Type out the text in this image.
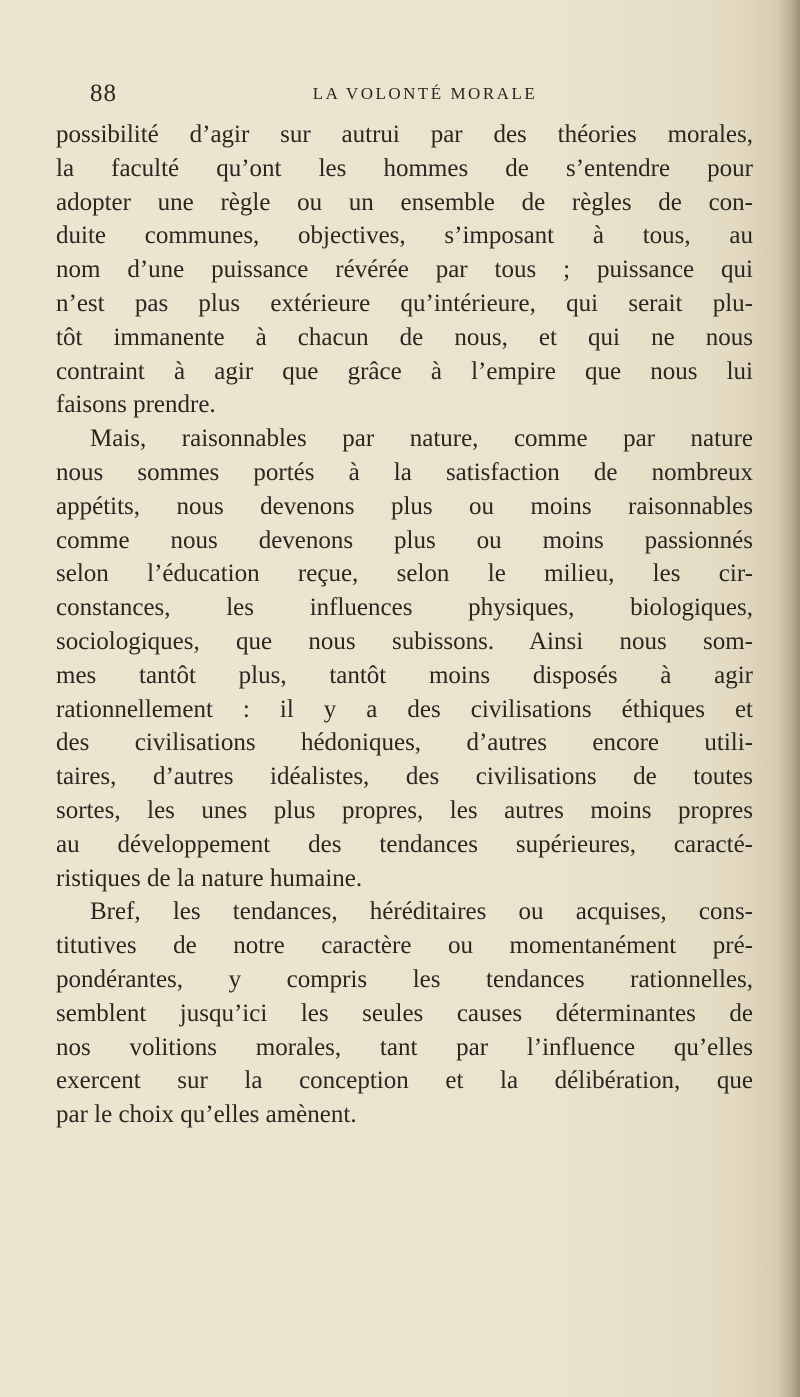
88	LA VOLONTÉ MORALE

possibilité d’agir sur autrui par des théories morales,
la faculté qu’ont les hommes de s’entendre pour
adopter une règle ou un ensemble de règles de con-
duite communes, objectives, s’imposant à tous, au
nom d’une puissance révérée par tous ; puissance qui
n’est pas plus extérieure qu’intérieure, qui serait plu-
tôt immanente à chacun de nous, et qui ne nous
contraint à agir que grâce à l’empire que nous lui
faisons prendre.

Mais, raisonnables par nature, comme par nature
nous sommes portés à la satisfaction de nombreux
appétits, nous devenons plus ou moins raisonnables
comme nous devenons plus ou moins passionnés
selon l’éducation reçue, selon le milieu, les cir-
constances, les influences physiques, biologiques,
sociologiques, que nous subissons. Ainsi nous som-
mes tantôt plus, tantôt moins disposés à agir
rationnellement : il y a des civilisations éthiques et
des civilisations hédoniques, d’autres encore utili-
taires, d’autres idéalistes, des civilisations de toutes
sortes, les unes plus propres, les autres moins propres
au développement des tendances supérieures, caracté-
ristiques de la nature humaine.

Bref, les tendances, héréditaires ou acquises, cons-
titutives de notre caractère ou momentanément pré-
pondérantes, y compris les tendances rationnelles,
semblent jusqu’ici les seules causes déterminantes de
nos volitions morales, tant par l’influence qu’elles
exercent sur la conception et la délibération, que
par le choix qu’elles amènent.
